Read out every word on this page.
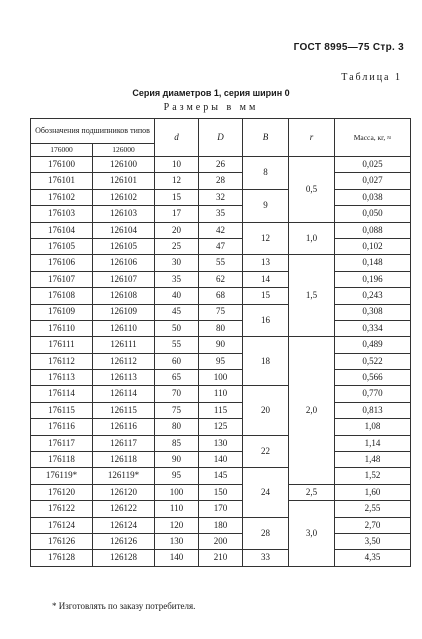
ГОСТ 8995—75 Стр. 3
Таблица 1
Серия диаметров 1, серия ширин 0
Размеры в мм
Обозначения подшипников типов		d	D	B	r	Масса, кг, ≈
176000	126000					
176100	126100	10	26	8	0,5	0,025
176101	126101	12	28			0,027
176102	126102	15	32	9		0,038
176103	126103	17	35			0,050
176104	126104	20	42	12	1,0	0,088
176105	126105	25	47			0,102
176106	126106	30	55	13	1,5	0,148
176107	126107	35	62	14		0,196
176108	126108	40	68	15		0,243
176109	126109	45	75	16		0,308
176110	126110	50	80			0,334
176111	126111	55	90	18	2,0	0,489
176112	126112	60	95			0,522
176113	126113	65	100			0,566
176114	126114	70	110	20		0,770
176115	126115	75	115			0,813
176116	126116	80	125			1,08
176117	126117	85	130	22		1,14
176118	126118	90	140			1,48
176119*	126119*	95	145	24		1,52
176120	126120	100	150		2,5	1,60
176122	126122	110	170		3,0	2,55
176124	126124	120	180	28		2,70
176126	126126	130	200			3,50
176128	126128	140	210	33		4,35
* Изготовлять по заказу потребителя.
